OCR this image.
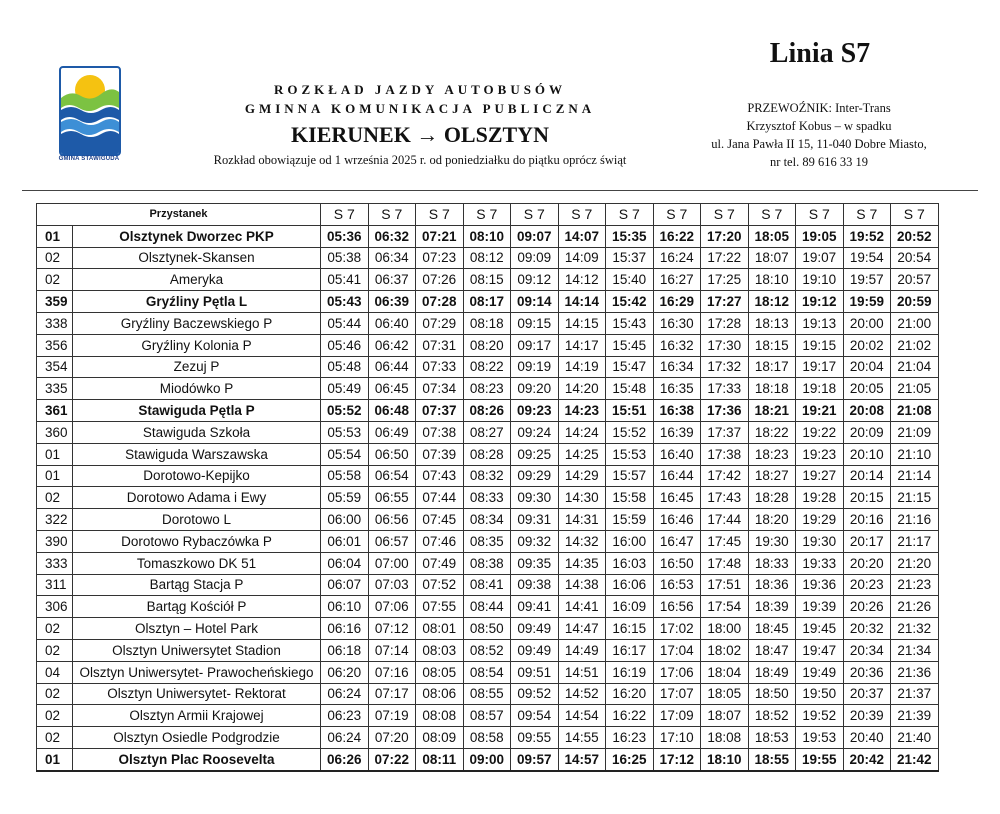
GMINA STAWIGUDA
ROZKŁAD JAZDY AUTOBUSÓW
GMINNA KOMUNIKACJA PUBLICZNA
KIERUNEK → OLSZTYN
Rozkład obowiązuje od 1 września 2025 r. od poniedziałku do piątku oprócz świąt
Linia S7
PRZEWOŹNIK: Inter-Trans
Krzysztof Kobus – w spadku
ul. Jana Pawła II 15, 11-040 Dobre Miasto,
nr tel. 89 616 33 19
Przystanek		S 7	S 7	S 7	S 7	S 7	S 7	S 7	S 7	S 7	S 7	S 7	S 7	S 7
01	Olsztynek Dworzec PKP	05:36	06:32	07:21	08:10	09:07	14:07	15:35	16:22	17:20	18:05	19:05	19:52	20:52
02	Olsztynek-Skansen	05:38	06:34	07:23	08:12	09:09	14:09	15:37	16:24	17:22	18:07	19:07	19:54	20:54
02	Ameryka	05:41	06:37	07:26	08:15	09:12	14:12	15:40	16:27	17:25	18:10	19:10	19:57	20:57
359	Gryźliny Pętla L	05:43	06:39	07:28	08:17	09:14	14:14	15:42	16:29	17:27	18:12	19:12	19:59	20:59
338	Gryźliny Baczewskiego P	05:44	06:40	07:29	08:18	09:15	14:15	15:43	16:30	17:28	18:13	19:13	20:00	21:00
356	Gryźliny Kolonia P	05:46	06:42	07:31	08:20	09:17	14:17	15:45	16:32	17:30	18:15	19:15	20:02	21:02
354	Zezuj P	05:48	06:44	07:33	08:22	09:19	14:19	15:47	16:34	17:32	18:17	19:17	20:04	21:04
335	Miodówko P	05:49	06:45	07:34	08:23	09:20	14:20	15:48	16:35	17:33	18:18	19:18	20:05	21:05
361	Stawiguda Pętla P	05:52	06:48	07:37	08:26	09:23	14:23	15:51	16:38	17:36	18:21	19:21	20:08	21:08
360	Stawiguda Szkoła	05:53	06:49	07:38	08:27	09:24	14:24	15:52	16:39	17:37	18:22	19:22	20:09	21:09
01	Stawiguda Warszawska	05:54	06:50	07:39	08:28	09:25	14:25	15:53	16:40	17:38	18:23	19:23	20:10	21:10
01	Dorotowo-Kepijko	05:58	06:54	07:43	08:32	09:29	14:29	15:57	16:44	17:42	18:27	19:27	20:14	21:14
02	Dorotowo Adama i Ewy	05:59	06:55	07:44	08:33	09:30	14:30	15:58	16:45	17:43	18:28	19:28	20:15	21:15
322	Dorotowo L	06:00	06:56	07:45	08:34	09:31	14:31	15:59	16:46	17:44	18:20	19:29	20:16	21:16
390	Dorotowo Rybaczówka P	06:01	06:57	07:46	08:35	09:32	14:32	16:00	16:47	17:45	19:30	19:30	20:17	21:17
333	Tomaszkowo DK 51	06:04	07:00	07:49	08:38	09:35	14:35	16:03	16:50	17:48	18:33	19:33	20:20	21:20
311	Bartąg Stacja P	06:07	07:03	07:52	08:41	09:38	14:38	16:06	16:53	17:51	18:36	19:36	20:23	21:23
306	Bartąg Kościół P	06:10	07:06	07:55	08:44	09:41	14:41	16:09	16:56	17:54	18:39	19:39	20:26	21:26
02	Olsztyn – Hotel Park	06:16	07:12	08:01	08:50	09:49	14:47	16:15	17:02	18:00	18:45	19:45	20:32	21:32
02	Olsztyn Uniwersytet Stadion	06:18	07:14	08:03	08:52	09:49	14:49	16:17	17:04	18:02	18:47	19:47	20:34	21:34
04	Olsztyn Uniwersytet- Prawocheńskiego	06:20	07:16	08:05	08:54	09:51	14:51	16:19	17:06	18:04	18:49	19:49	20:36	21:36
02	Olsztyn Uniwersytet- Rektorat	06:24	07:17	08:06	08:55	09:52	14:52	16:20	17:07	18:05	18:50	19:50	20:37	21:37
02	Olsztyn Armii Krajowej	06:23	07:19	08:08	08:57	09:54	14:54	16:22	17:09	18:07	18:52	19:52	20:39	21:39
02	Olsztyn Osiedle Podgrodzie	06:24	07:20	08:09	08:58	09:55	14:55	16:23	17:10	18:08	18:53	19:53	20:40	21:40
01	Olsztyn Plac Roosevelta	06:26	07:22	08:11	09:00	09:57	14:57	16:25	17:12	18:10	18:55	19:55	20:42	21:42
